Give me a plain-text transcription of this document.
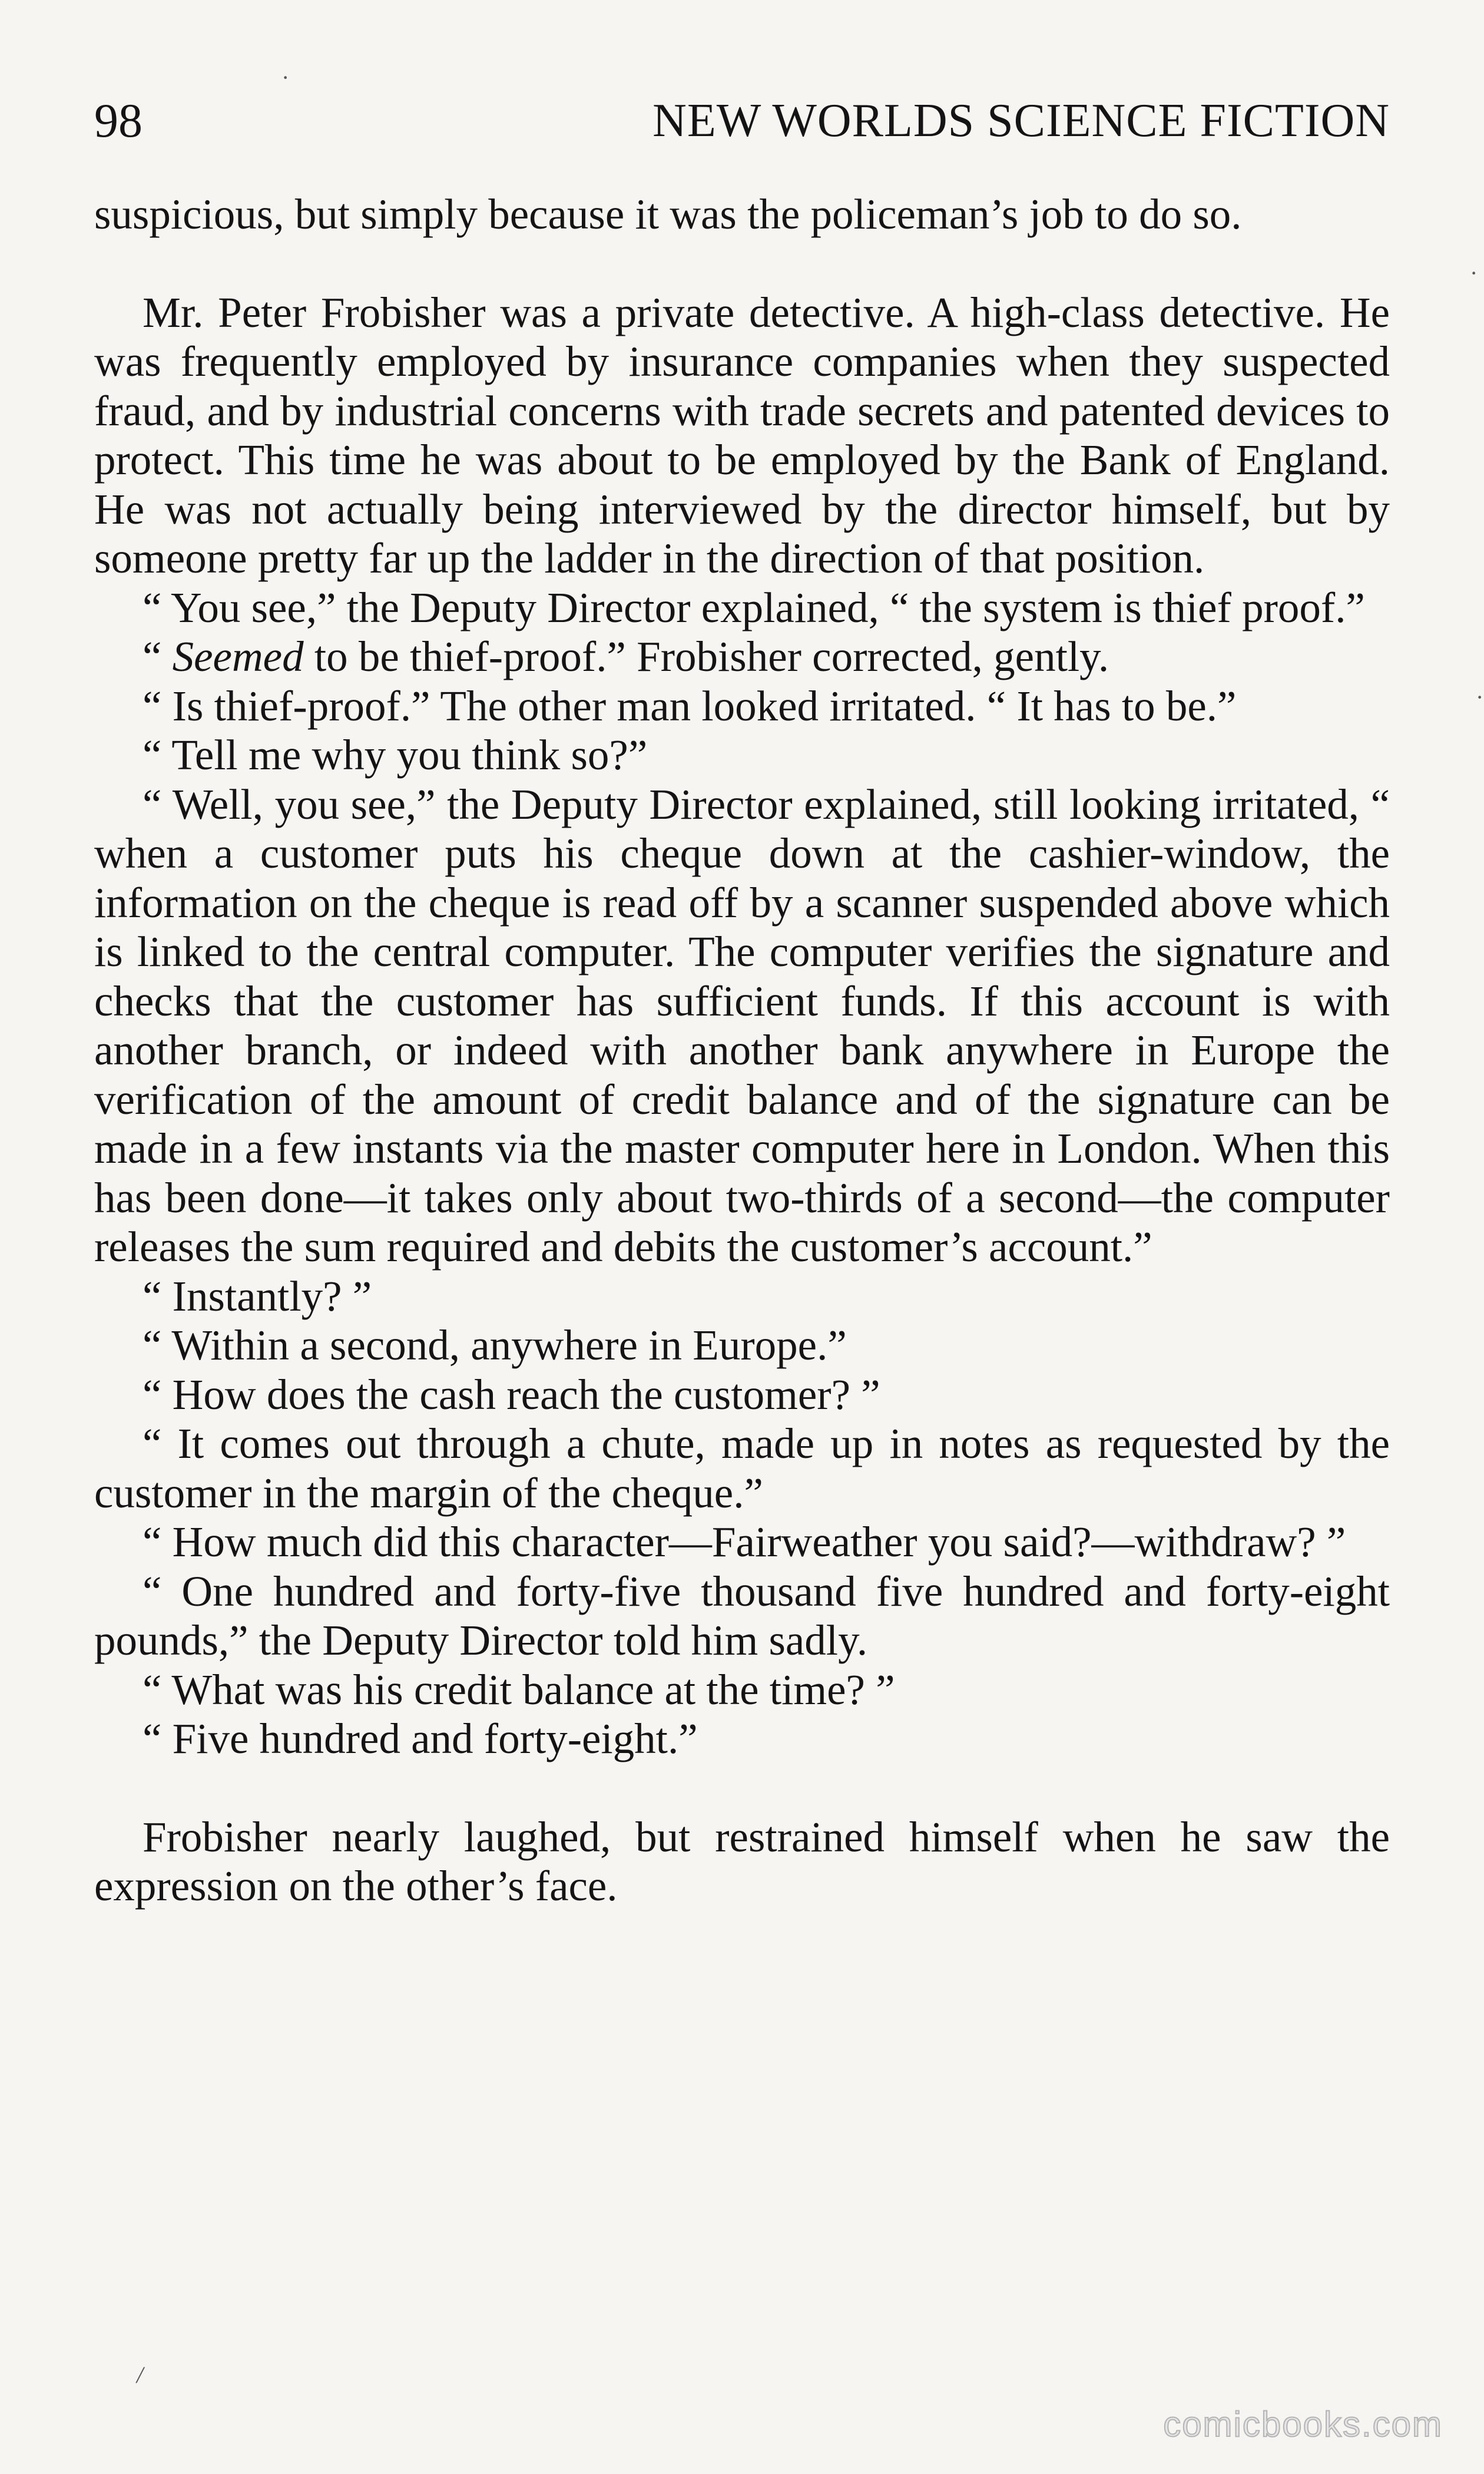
98	NEW WORLDS SCIENCE FICTION

suspicious, but simply because it was the policeman’s job to do so.

Mr. Peter Frobisher was a private detective. A high-class detective. He was frequently employed by insurance companies when they suspected fraud, and by industrial concerns with trade secrets and patented devices to protect. This time he was about to be employed by the Bank of England. He was not actually being interviewed by the director himself, but by someone pretty far up the ladder in the direction of that position.

“ You see,” the Deputy Director explained, “ the system is thief proof.”

“ Seemed to be thief-proof.” Frobisher corrected, gently.

“ Is thief-proof.” The other man looked irritated. “ It has to be.”

“ Tell me why you think so?”

“ Well, you see,” the Deputy Director explained, still looking irritated, “ when a customer puts his cheque down at the cashier-window, the information on the cheque is read off by a scanner suspended above which is linked to the central computer. The computer verifies the signature and checks that the customer has sufficient funds. If this account is with another branch, or indeed with another bank anywhere in Europe the verification of the amount of credit balance and of the signature can be made in a few instants via the master computer here in London. When this has been done—it takes only about two-thirds of a second—the computer releases the sum required and debits the customer’s account.”

“ Instantly? ”

“ Within a second, anywhere in Europe.”

“ How does the cash reach the customer? ”

“ It comes out through a chute, made up in notes as requested by the customer in the margin of the cheque.”

“ How much did this character—Fairweather you said?—withdraw? ”

“ One hundred and forty-five thousand five hundred and forty-eight pounds,” the Deputy Director told him sadly.

“ What was his credit balance at the time? ”

“ Five hundred and forty-eight.”

Frobisher nearly laughed, but restrained himself when he saw the expression on the other’s face.

·
·
·
/
comicbooks.com
